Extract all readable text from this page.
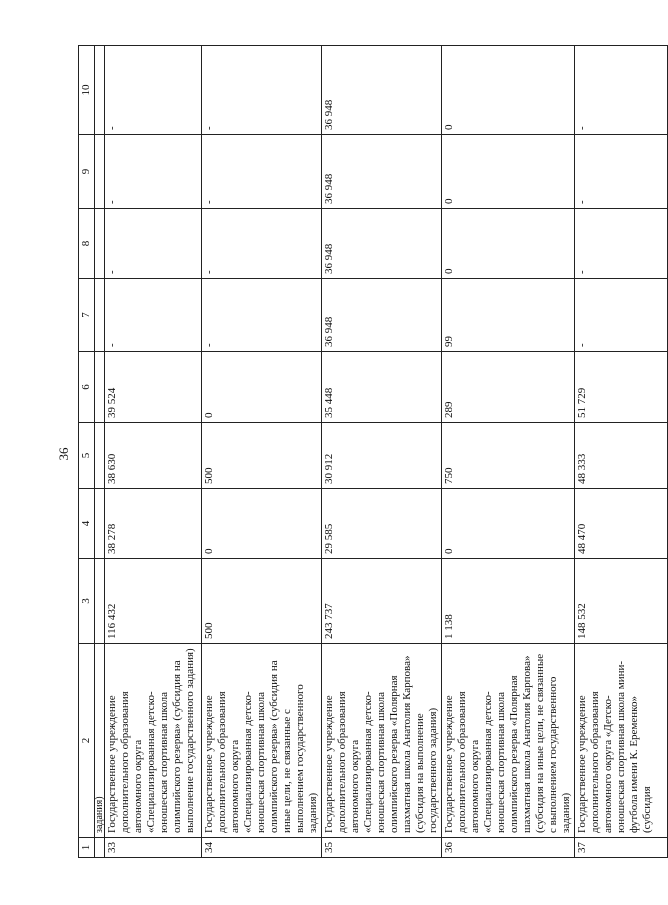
36
1	2	3	4	5	6	7	8	9	10
	задания)								
33	Государственное учреждение дополнительного образования автономного округа «Специализированная детско-юношеская спортивная школа олимпийского резерва» (субсидия на выполнение государственного задания)	116 432	38 278	38 630	39 524	-	-	-	-
34	Государственное учреждение дополнительного образования автономного округа «Специализированная детско-юношеская спортивная школа олимпийского резерва» (субсидия на иные цели, не связанные с выполнением государственного задания)	500	0	500	0	-	-	-	-
35	Государственное учреждение дополнительного образования автономного округа «Специализированная детско-юношеская спортивная школа олимпийского резерва «Полярная шахматная школа Анатолия Карпова» (субсидия на выполнение государственного задания)	243 737	29 585	30 912	35 448	36 948	36 948	36 948	36 948
36	Государственное учреждение дополнительного образования автономного округа «Специализированная детско-юношеская спортивная школа олимпийского резерва «Полярная шахматная школа Анатолия Карпова» (субсидия на иные цели, не связанные с выполнением государственного задания)	1 138	0	750	289	99	0	0	0
37	Государственное учреждение дополнительного образования автономного округа «Детско-юношеская спортивная школа мини-футбола имени К. Еременко» (субсидия	148 532	48 470	48 333	51 729	-	-	-	-
